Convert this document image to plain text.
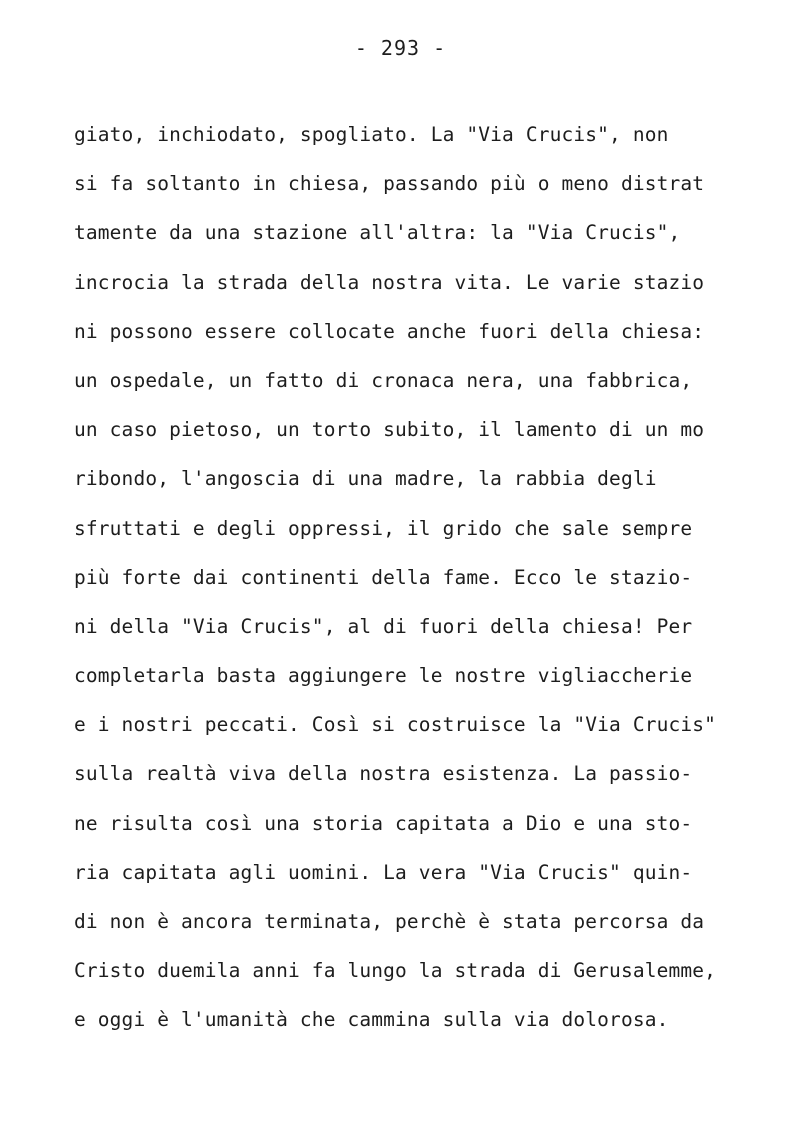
- 293 -
giato, inchiodato, spogliato. La "Via Crucis", non
si fa soltanto in chiesa, passando più o meno distrat
tamente da una stazione all'altra: la "Via Crucis",
incrocia la strada della nostra vita. Le varie stazio
ni possono essere collocate anche fuori della chiesa:
un ospedale, un fatto di cronaca nera, una fabbrica,
un caso pietoso, un torto subito, il lamento di un mo
ribondo, l'angoscia di una madre, la rabbia degli
sfruttati e degli oppressi, il grido che sale sempre
più forte dai continenti della fame. Ecco le stazio-
ni della "Via Crucis", al di fuori della chiesa! Per
completarla basta aggiungere le nostre vigliaccherie
e i nostri peccati. Così si costruisce la "Via Crucis"
sulla realtà viva della nostra esistenza. La passio-
ne risulta così una storia capitata a Dio e una sto-
ria capitata agli uomini. La vera "Via Crucis" quin-
di non è ancora terminata, perchè è stata percorsa da
Cristo duemila anni fa lungo la strada di Gerusalemme,
e oggi è l'umanità che cammina sulla via dolorosa.
